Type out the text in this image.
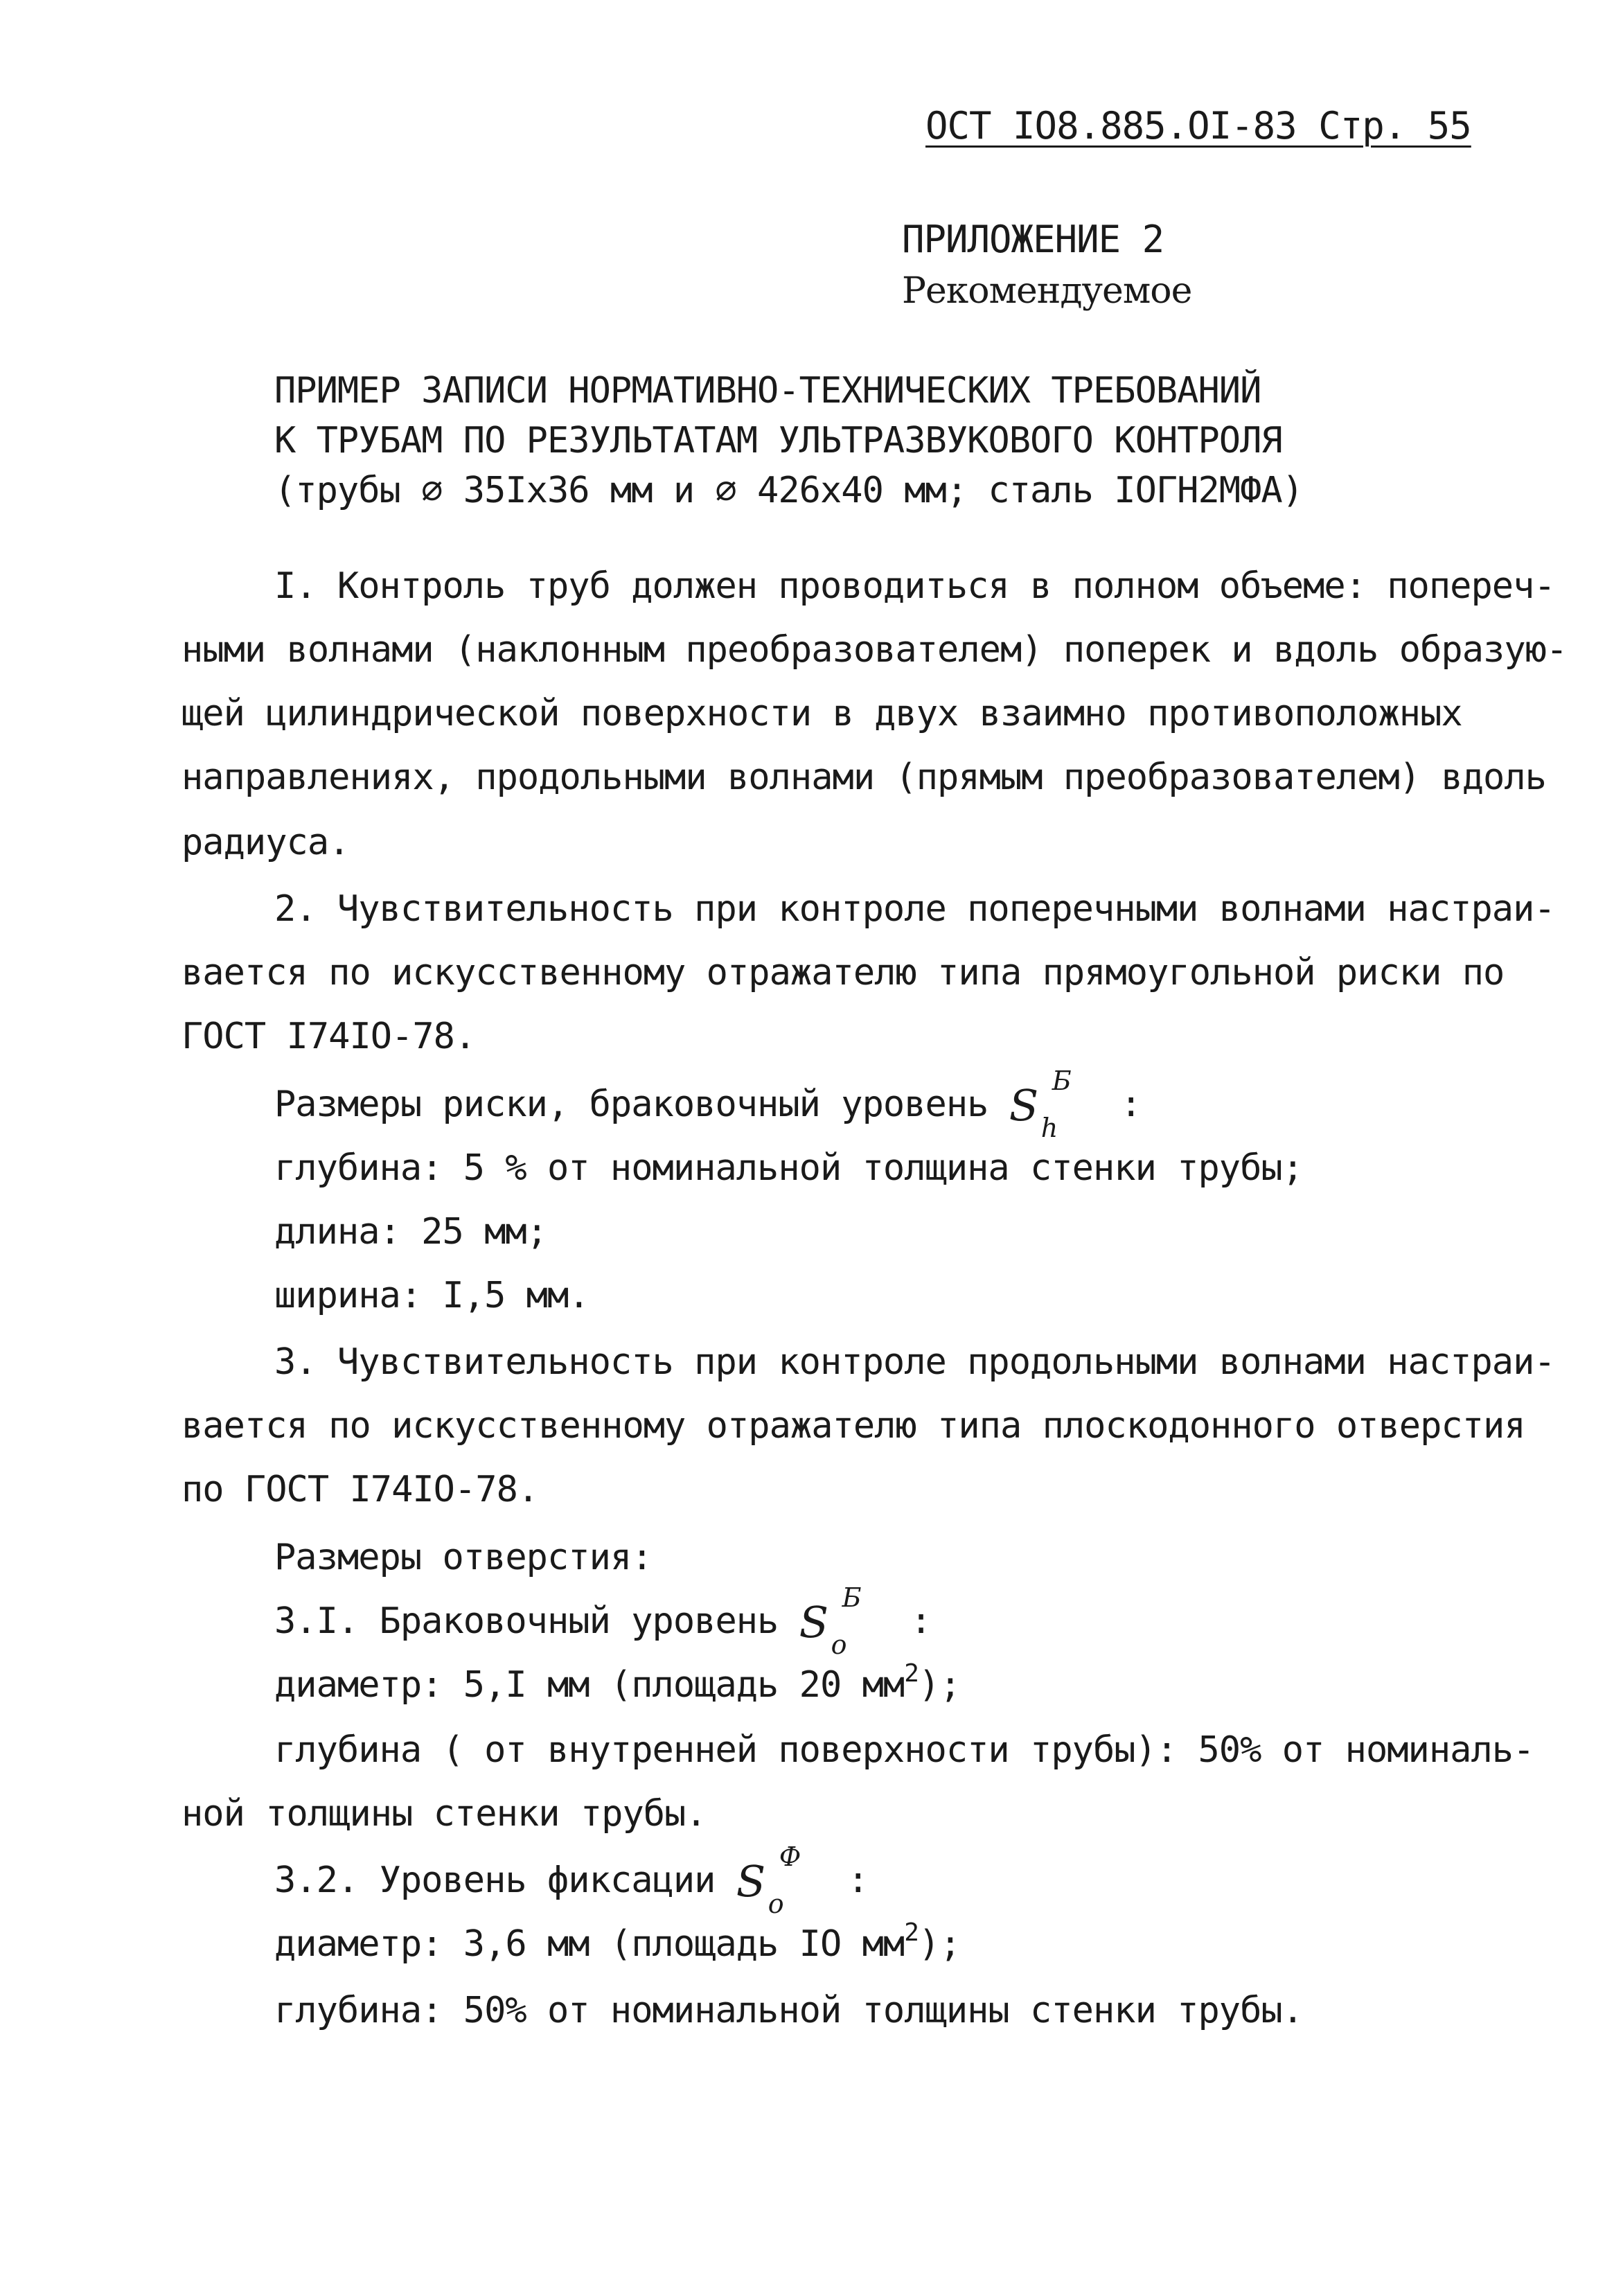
ОСТ IO8.885.OI-83 Стр. 55
ПРИЛОЖЕНИЕ 2
Рекомендуемое
ПРИМЕР ЗАПИСИ НОРМАТИВНО-ТЕХНИЧЕСКИХ ТРЕБОВАНИЙ
К ТРУБАМ ПО РЕЗУЛЬТАТАМ УЛЬТРАЗВУКОВОГО КОНТРОЛЯ
(трубы ∅ 35Iх36 мм и ∅ 426х40 мм; сталь IOГН2МФА)
I. Контроль труб должен проводиться в полном объеме: попереч-
ными волнами (наклонным преобразователем) поперек и вдоль образую-
щей цилиндрической поверхности в двух взаимно противоположных
направлениях, продольными волнами (прямым преобразователем) вдоль
радиуса.
2. Чувствительность при контроле поперечными волнами настраи-
вается по искусственному отражателю типа прямоугольной риски по
ГОСТ I74IO-78.
Размеры риски, браковочный уровень S Б
h
:
глубина: 5 % от номинальной толщина стенки трубы;
длина: 25 мм;
ширина: I,5 мм.
3. Чувствительность при контроле продольными волнами настраи-
вается по искусственному отражателю типа плоскодонного отверстия
по ГОСТ I74IO-78.
Размеры отверстия:
3.I. Браковочный уровень S Б
o
:
диаметр: 5,I мм (площадь 20 $мм^2$);
глубина ( от внутренней поверхности трубы): 50% от номиналь-
ной толщины стенки трубы.
3.2. Уровень фиксации S Ф
o
:
диаметр: 3,6 мм (площадь IO $мм^2$);
глубина: 50% от номинальной толщины стенки трубы.
